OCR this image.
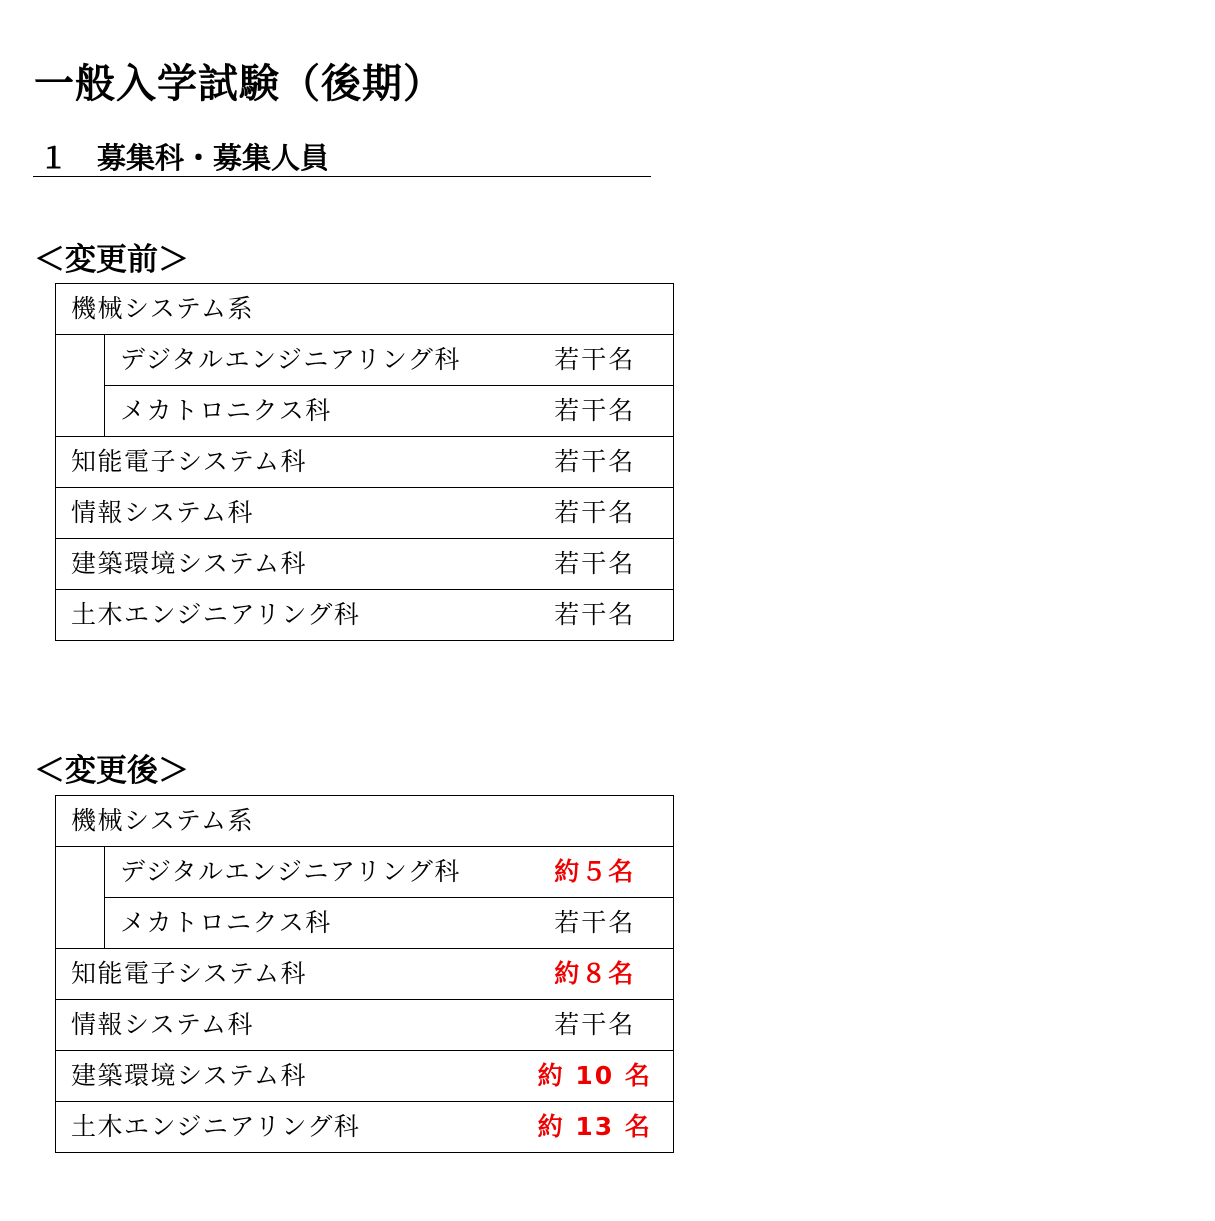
一般入学試験（後期）
１ 募集科・募集人員
＜変更前＞
機械システム系		
	デジタルエンジニアリング科	若干名
	メカトロニクス科	若干名
知能電子システム科		若干名
情報システム科		若干名
建築環境システム科		若干名
土木エンジニアリング科		若干名
＜変更後＞
機械システム系		
	デジタルエンジニアリング科	約５名
	メカトロニクス科	若干名
知能電子システム科		約８名
情報システム科		若干名
建築環境システム科		約 10 名
土木エンジニアリング科		約 13 名
